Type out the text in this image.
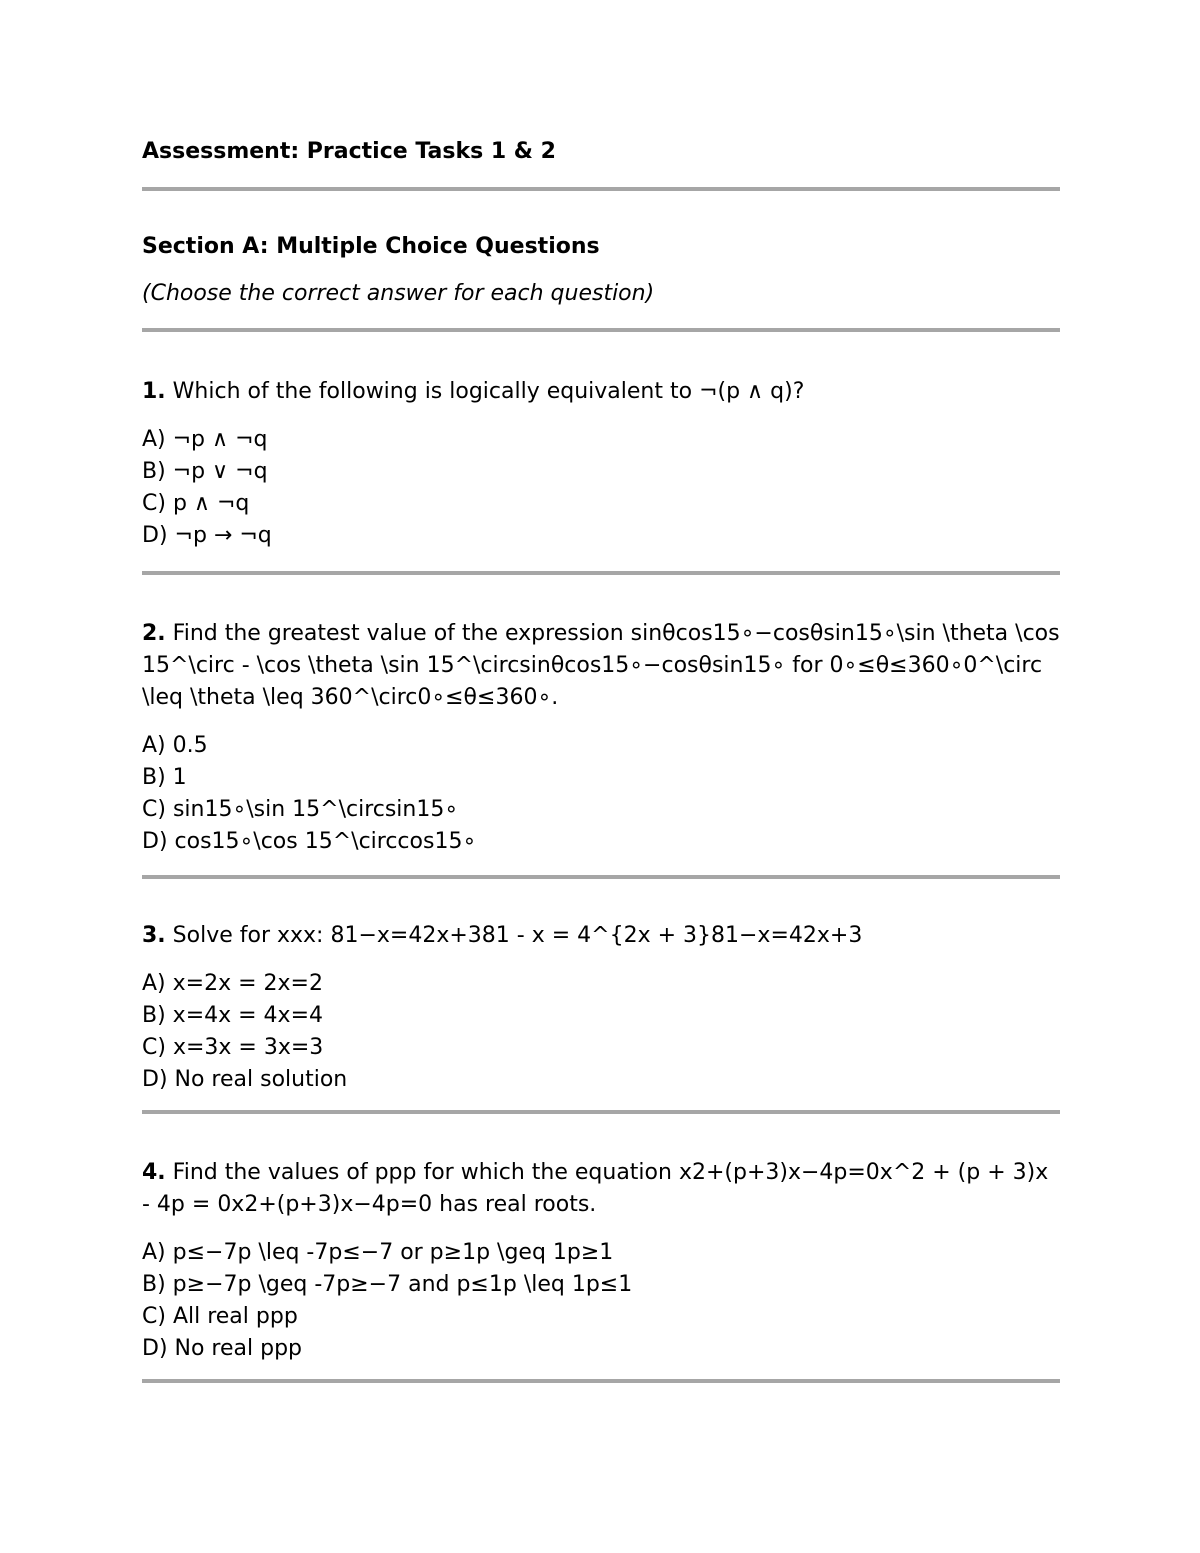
Assessment: Practice Tasks 1 & 2
Section A: Multiple Choice Questions
(Choose the correct answer for each question)

1. Which of the following is logically equivalent to ¬(p ∧ q)?

A) ¬p ∧ ¬q
B) ¬p ∨ ¬q
C) p ∧ ¬q
D) ¬p → ¬q

2. Find the greatest value of the expression sinθcos15∘−cosθsin15∘\sin \theta \cos 15^\circ - \cos \theta \sin 15^\circsinθcos15∘−cosθsin15∘ for 0∘≤θ≤360∘0^\circ \leq \theta \leq 360^\circ0∘≤θ≤360∘.

A) 0.5
B) 1
C) sin15∘\sin 15^\circsin15∘
D) cos15∘\cos 15^\circcos15∘

3. Solve for xxx: 81−x=42x+381 - x = 4^{2x + 3}81−x=42x+3

A) x=2x = 2x=2
B) x=4x = 4x=4
C) x=3x = 3x=3
D) No real solution

4. Find the values of ppp for which the equation x2+(p+3)x−4p=0x^2 + (p + 3)x - 4p = 0x2+(p+3)x−4p=0 has real roots.

A) p≤−7p \leq -7p≤−7 or p≥1p \geq 1p≥1
B) p≥−7p \geq -7p≥−7 and p≤1p \leq 1p≤1
C) All real ppp
D) No real ppp
